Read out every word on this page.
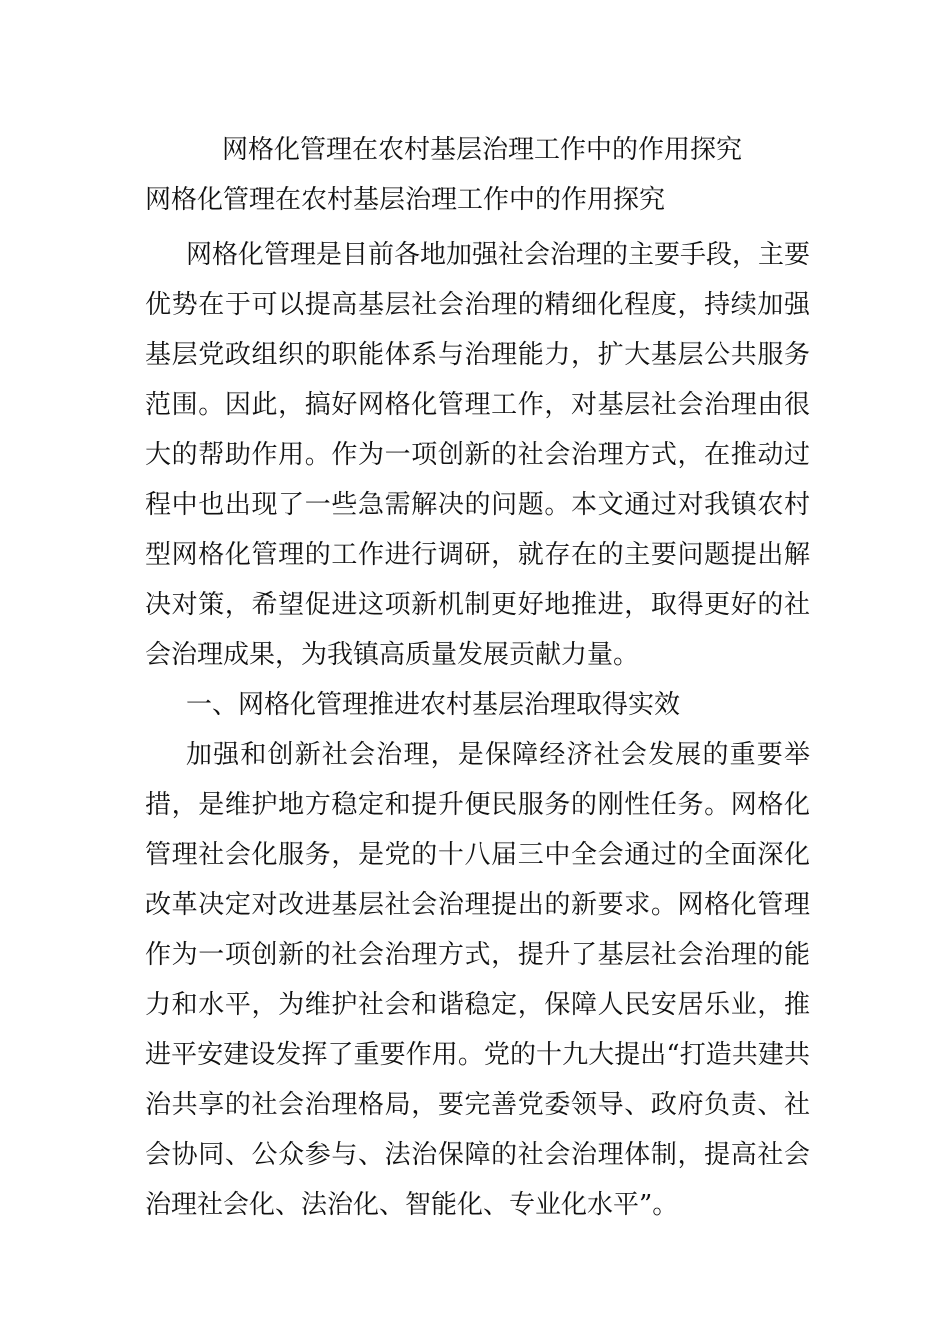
网格化管理在农村基层治理工作中的作用探究
网格化管理在农村基层治理工作中的作用探究

网格化管理是目前各地加强社会治理的主要手段，主要优势在于可以提高基层社会治理的精细化程度，持续加强基层党政组织的职能体系与治理能力，扩大基层公共服务范围。因此，搞好网格化管理工作，对基层社会治理由很大的帮助作用。作为一项创新的社会治理方式，在推动过程中也出现了一些急需解决的问题。本文通过对我镇农村型网格化管理的工作进行调研，就存在的主要问题提出解决对策，希望促进这项新机制更好地推进，取得更好的社会治理成果，为我镇高质量发展贡献力量。

一、网格化管理推进农村基层治理取得实效

加强和创新社会治理，是保障经济社会发展的重要举措，是维护地方稳定和提升便民服务的刚性任务。网格化管理社会化服务，是党的十八届三中全会通过的全面深化改革决定对改进基层社会治理提出的新要求。网格化管理作为一项创新的社会治理方式，提升了基层社会治理的能力和水平，为维护社会和谐稳定，保障人民安居乐业，推进平安建设发挥了重要作用。党的十九大提出“打造共建共治共享的社会治理格局，要完善党委领导、政府负责、社会协同、公众参与、法治保障的社会治理体制，提高社会治理社会化、法治化、智能化、专业化水平”。
